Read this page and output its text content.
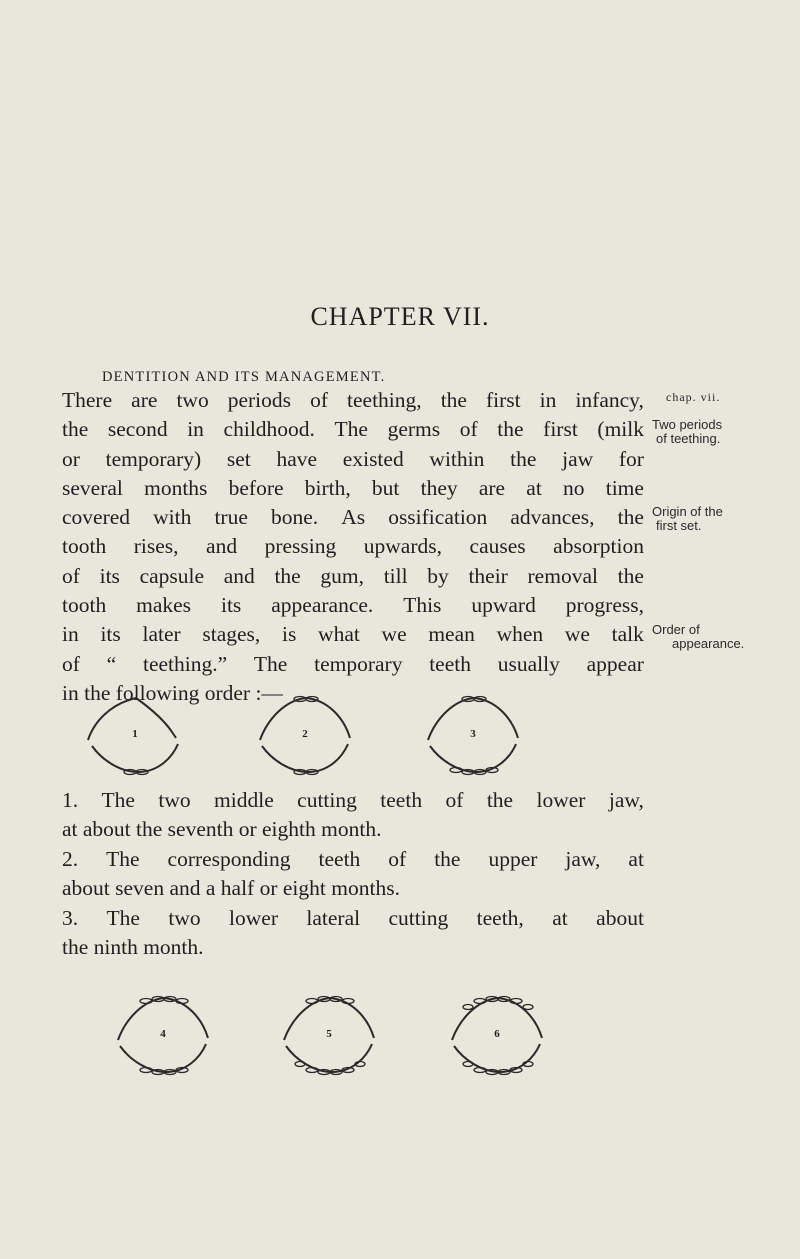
CHAPTER VII.
DENTITION AND ITS MANAGEMENT.
chap. vii.
Two periods
of teething.
Origin of the
first set.
Order of
appearance.
There are two periods of teething, the first in infancy,
the second in childhood. The germs of the first (milk
or temporary) set have existed within the jaw for
several months before birth, but they are at no time
covered with true bone. As ossification advances, the
tooth rises, and pressing upwards, causes absorption
of its capsule and the gum, till by their removal the
tooth makes its appearance. This upward progress,
in its later stages, is what we mean when we talk
of “ teething.” The temporary teeth usually appear
in the following order :—
1	2	3
1. The two middle cutting teeth of the lower jaw,
at about the seventh or eighth month.
2. The corresponding teeth of the upper jaw, at
about seven and a half or eight months.
3. The two lower lateral cutting teeth, at about
the ninth month.
4	5	6
